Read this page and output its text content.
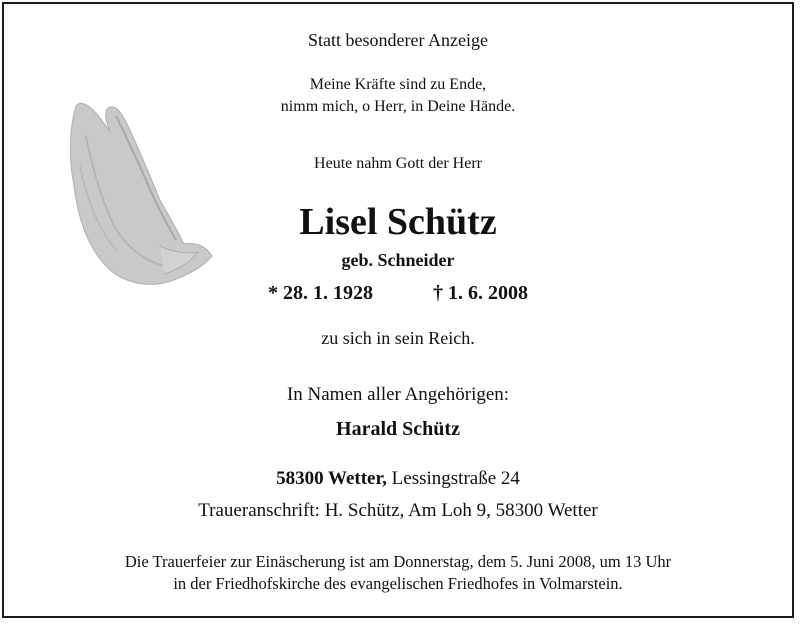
Statt besonderer Anzeige
Meine Kräfte sind zu Ende,
nimm mich, o Herr, in Deine Hände.
Heute nahm Gott der Herr
Lisel Schütz
geb. Schneider
* 28. 1. 1928	† 1. 6. 2008
zu sich in sein Reich.
In Namen aller Angehörigen:
Harald Schütz
58300 Wetter, Lessingstraße 24
Traueranschrift: H. Schütz, Am Loh 9, 58300 Wetter
Die Trauerfeier zur Einäscherung ist am Donnerstag, dem 5. Juni 2008, um 13 Uhr
in der Friedhofskirche des evangelischen Friedhofes in Volmarstein.
